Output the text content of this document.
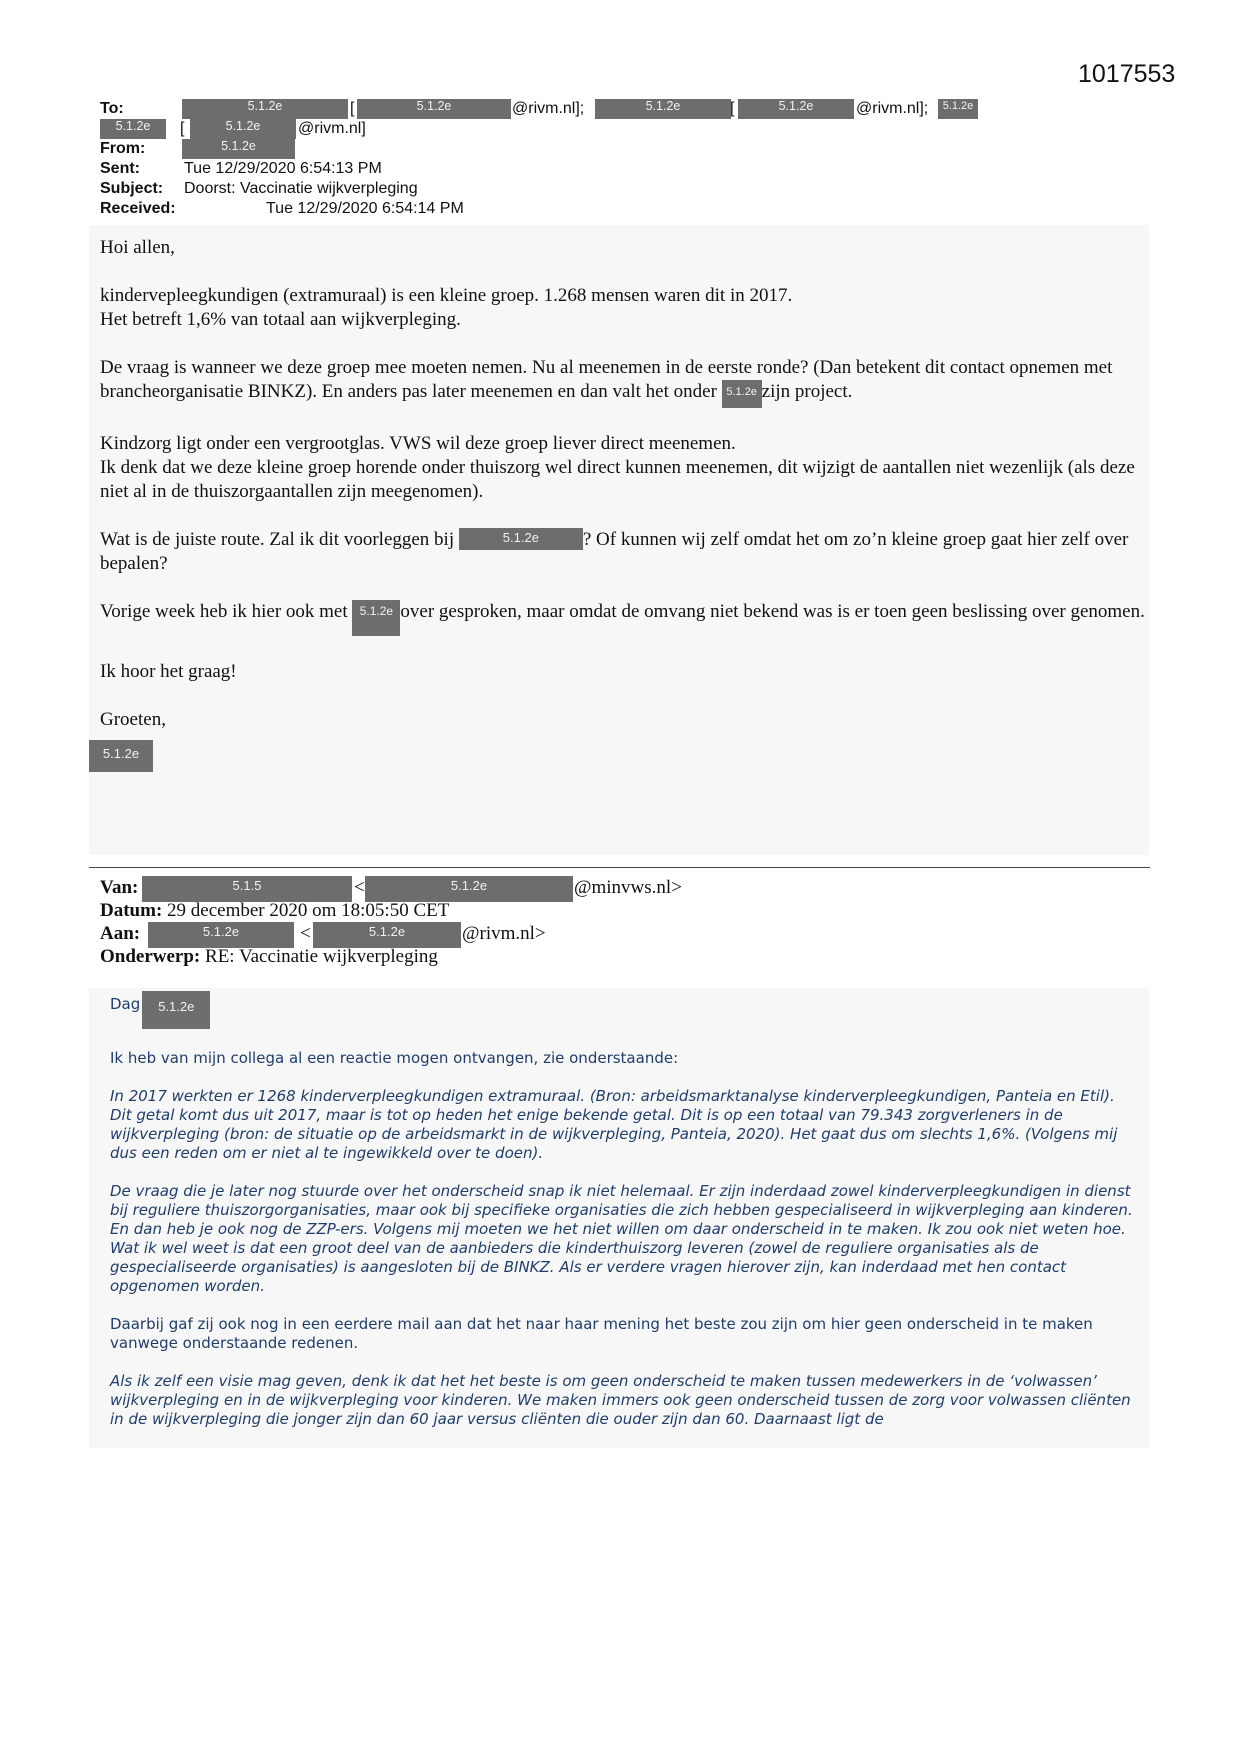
1017553
To:	5.1.2e	[	5.1.2e	@rivm.nl];	5.1.2e	[	5.1.2e	@rivm.nl];	5.1.2e
5.1.2e	[	5.1.2e	@rivm.nl]
From:	5.1.2e
Sent:	Tue 12/29/2020 6:54:13 PM
Subject: Doorst: Vaccinatie wijkverpleging
Received:	Tue 12/29/2020 6:54:14 PM

Hoi allen,

kindervepleegkundigen (extramuraal) is een kleine groep. 1.268 mensen waren dit in 2017.
Het betreft 1,6% van totaal aan wijkverpleging.

De vraag is wanneer we deze groep mee moeten nemen. Nu al meenemen in de eerste ronde? (Dan betekent dit contact opnemen met brancheorganisatie BINKZ). En anders pas later meenemen en dan valt het onder 5.1.2e zijn project.

Kindzorg ligt onder een vergrootglas. VWS wil deze groep liever direct meenemen.
Ik denk dat we deze kleine groep horende onder thuiszorg wel direct kunnen meenemen, dit wijzigt de aantallen niet wezenlijk (als deze niet al in de thuiszorgaantallen zijn meegenomen).

Wat is de juiste route. Zal ik dit voorleggen bij	5.1.2e ? Of kunnen wij zelf omdat het om zo’n kleine groep gaat hier zelf over bepalen?

Vorige week heb ik hier ook met 5.1.2e over gesproken, maar omdat de omvang niet bekend was is er toen geen beslissing over genomen.

Ik hoor het graag!

Groeten,

5.1.2e
Van:	5.1.5	<	5.1.2e	@minvws.nl>
Datum: 29 december 2020 om 18:05:50 CET
Aan:	5.1.2e	<	5.1.2e	@rivm.nl>
Onderwerp: RE: Vaccinatie wijkverpleging
Dag 5.1.2e

Ik heb van mijn collega al een reactie mogen ontvangen, zie onderstaande:

In 2017 werkten er 1268 kinderverpleegkundigen extramuraal. (Bron: arbeidsmarktanalyse kinderverpleegkundigen, Panteia en Etil). Dit getal komt dus uit 2017, maar is tot op heden het enige bekende getal. Dit is op een totaal van 79.343 zorgverleners in de wijkverpleging (bron: de situatie op de arbeidsmarkt in de wijkverpleging, Panteia, 2020). Het gaat dus om slechts 1,6%. (Volgens mij dus een reden om er niet al te ingewikkeld over te doen).

De vraag die je later nog stuurde over het onderscheid snap ik niet helemaal. Er zijn inderdaad zowel kinderverpleegkundigen in dienst bij reguliere thuiszorgorganisaties, maar ook bij specifieke organisaties die zich hebben gespecialiseerd in wijkverpleging aan kinderen. En dan heb je ook nog de ZZP-ers. Volgens mij moeten we het niet willen om daar onderscheid in te maken. Ik zou ook niet weten hoe. Wat ik wel weet is dat een groot deel van de aanbieders die kinderthuiszorg leveren (zowel de reguliere organisaties als de gespecialiseerde organisaties) is aangesloten bij de BINKZ. Als er verdere vragen hierover zijn, kan inderdaad met hen contact opgenomen worden.

Daarbij gaf zij ook nog in een eerdere mail aan dat het naar haar mening het beste zou zijn om hier geen onderscheid in te maken vanwege onderstaande redenen.

Als ik zelf een visie mag geven, denk ik dat het het beste is om geen onderscheid te maken tussen medewerkers in de ‘volwassen’ wijkverpleging en in de wijkverpleging voor kinderen. We maken immers ook geen onderscheid tussen de zorg voor volwassen cliënten in de wijkverpleging die jonger zijn dan 60 jaar versus cliënten die ouder zijn dan 60. Daarnaast ligt de
